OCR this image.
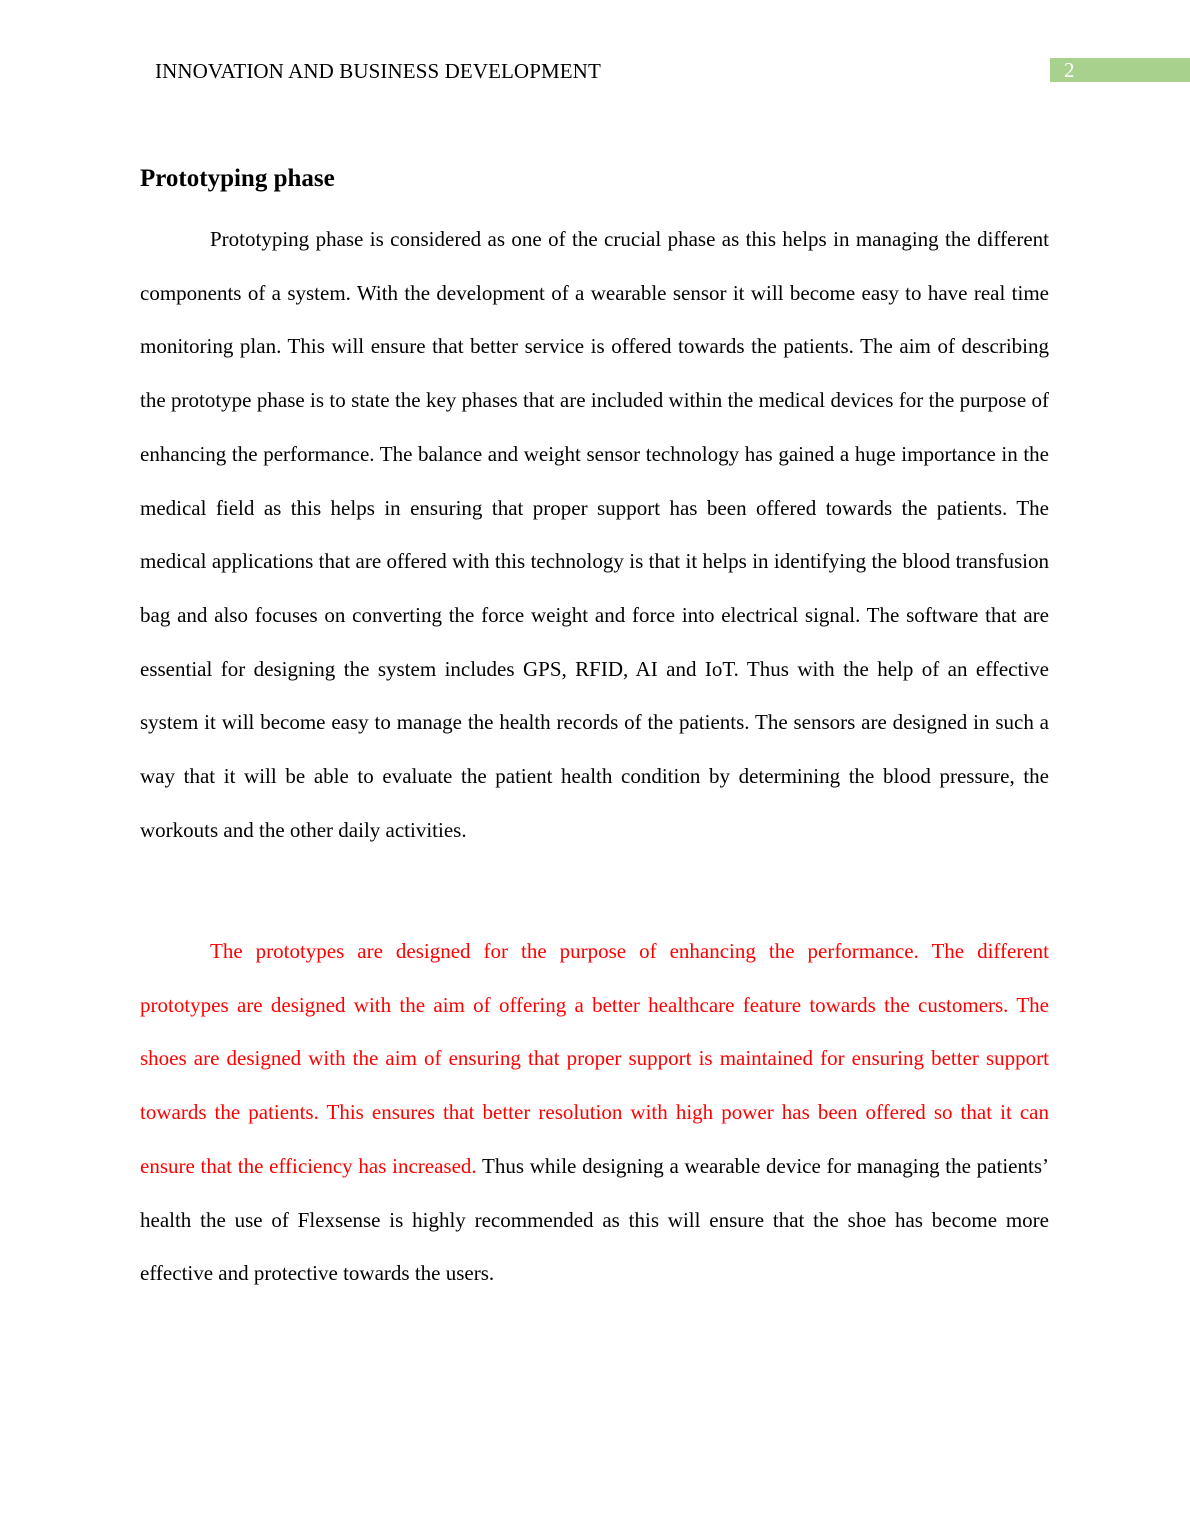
INNOVATION AND BUSINESS DEVELOPMENT	2
Prototyping phase

Prototyping phase is considered as one of the crucial phase as this helps in managing the different components of a system. With the development of a wearable sensor it will become easy to have real time monitoring plan. This will ensure that better service is offered towards the patients. The aim of describing the prototype phase is to state the key phases that are included within the medical devices for the purpose of enhancing the performance. The balance and weight sensor technology has gained a huge importance in the medical field as this helps in ensuring that proper support has been offered towards the patients. The medical applications that are offered with this technology is that it helps in identifying the blood transfusion bag and also focuses on converting the force weight and force into electrical signal. The software that are essential for designing the system includes GPS, RFID, AI and IoT. Thus with the help of an effective system it will become easy to manage the health records of the patients. The sensors are designed in such a way that it will be able to evaluate the patient health condition by determining the blood pressure, the workouts and the other daily activities.

The prototypes are designed for the purpose of enhancing the performance. The different prototypes are designed with the aim of offering a better healthcare feature towards the customers. The shoes are designed with the aim of ensuring that proper support is maintained for ensuring better support towards the patients. This ensures that better resolution with high power has been offered so that it can ensure that the efficiency has increased. Thus while designing a wearable device for managing the patients’ health the use of Flexsense is highly recommended as this will ensure that the shoe has become more effective and protective towards the users.
